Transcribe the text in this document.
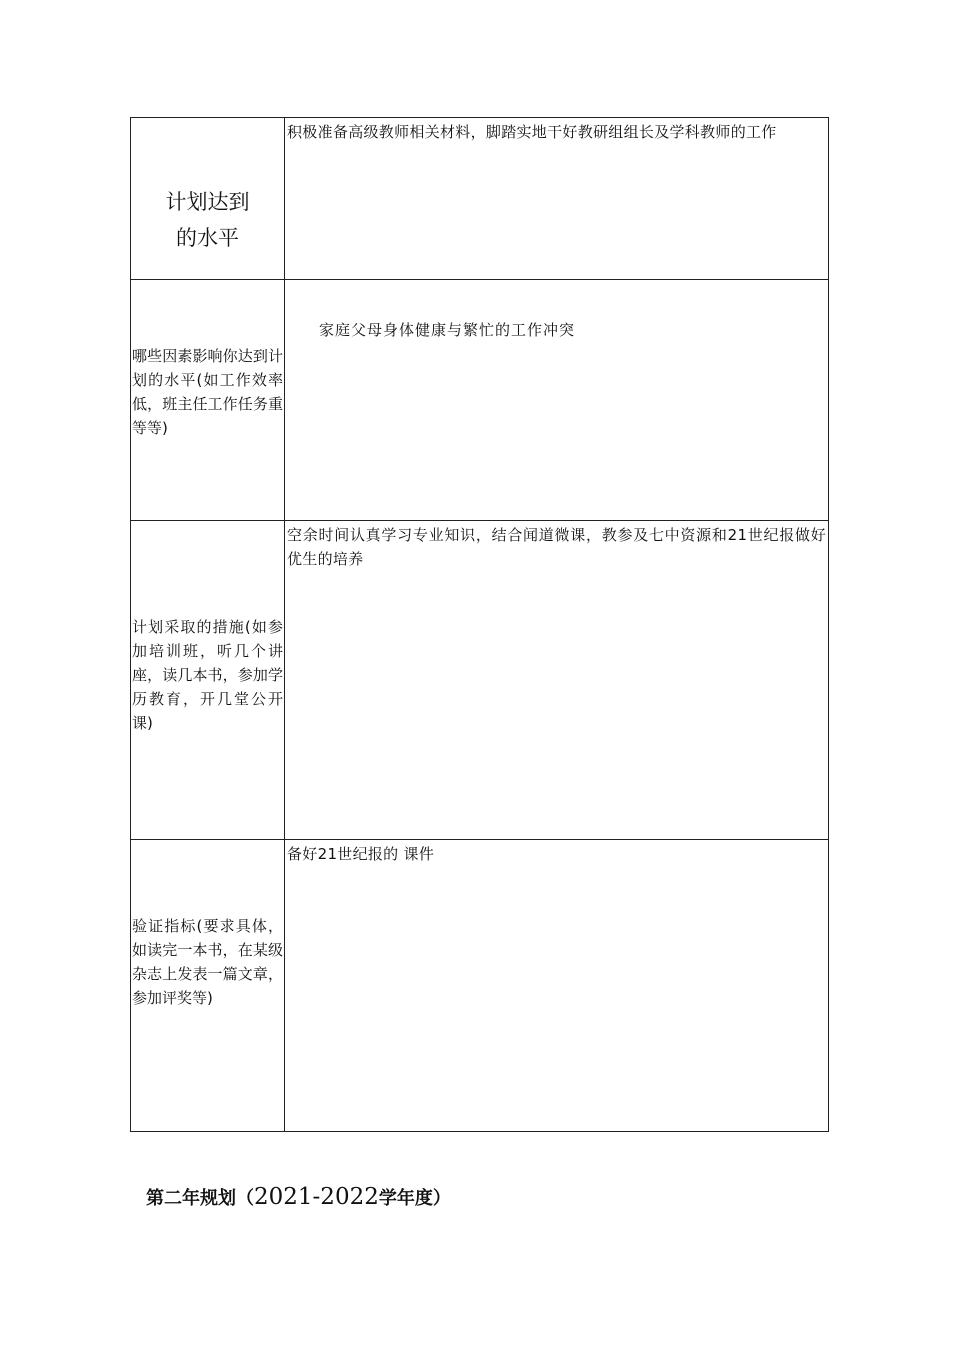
计划达到
的水平	积极准备高级教师相关材料，脚踏实地干好教研组组长及学科教师的工作

哪些因素影响你达到计划的水平(如工作效率低，班主任工作任务重等等)	家庭父母身体健康与繁忙的工作冲突

计划采取的措施(如参加培训班，听几个讲座，读几本书，参加学历教育，开几堂公开课)	空余时间认真学习专业知识，结合闻道微课，教参及七中资源和21世纪报做好优生的培养

验证指标(要求具体，如读完一本书，在某级杂志上发表一篇文章，参加评奖等)	备好21世纪报的 课件
第二年规划（2021-2022学年度）
